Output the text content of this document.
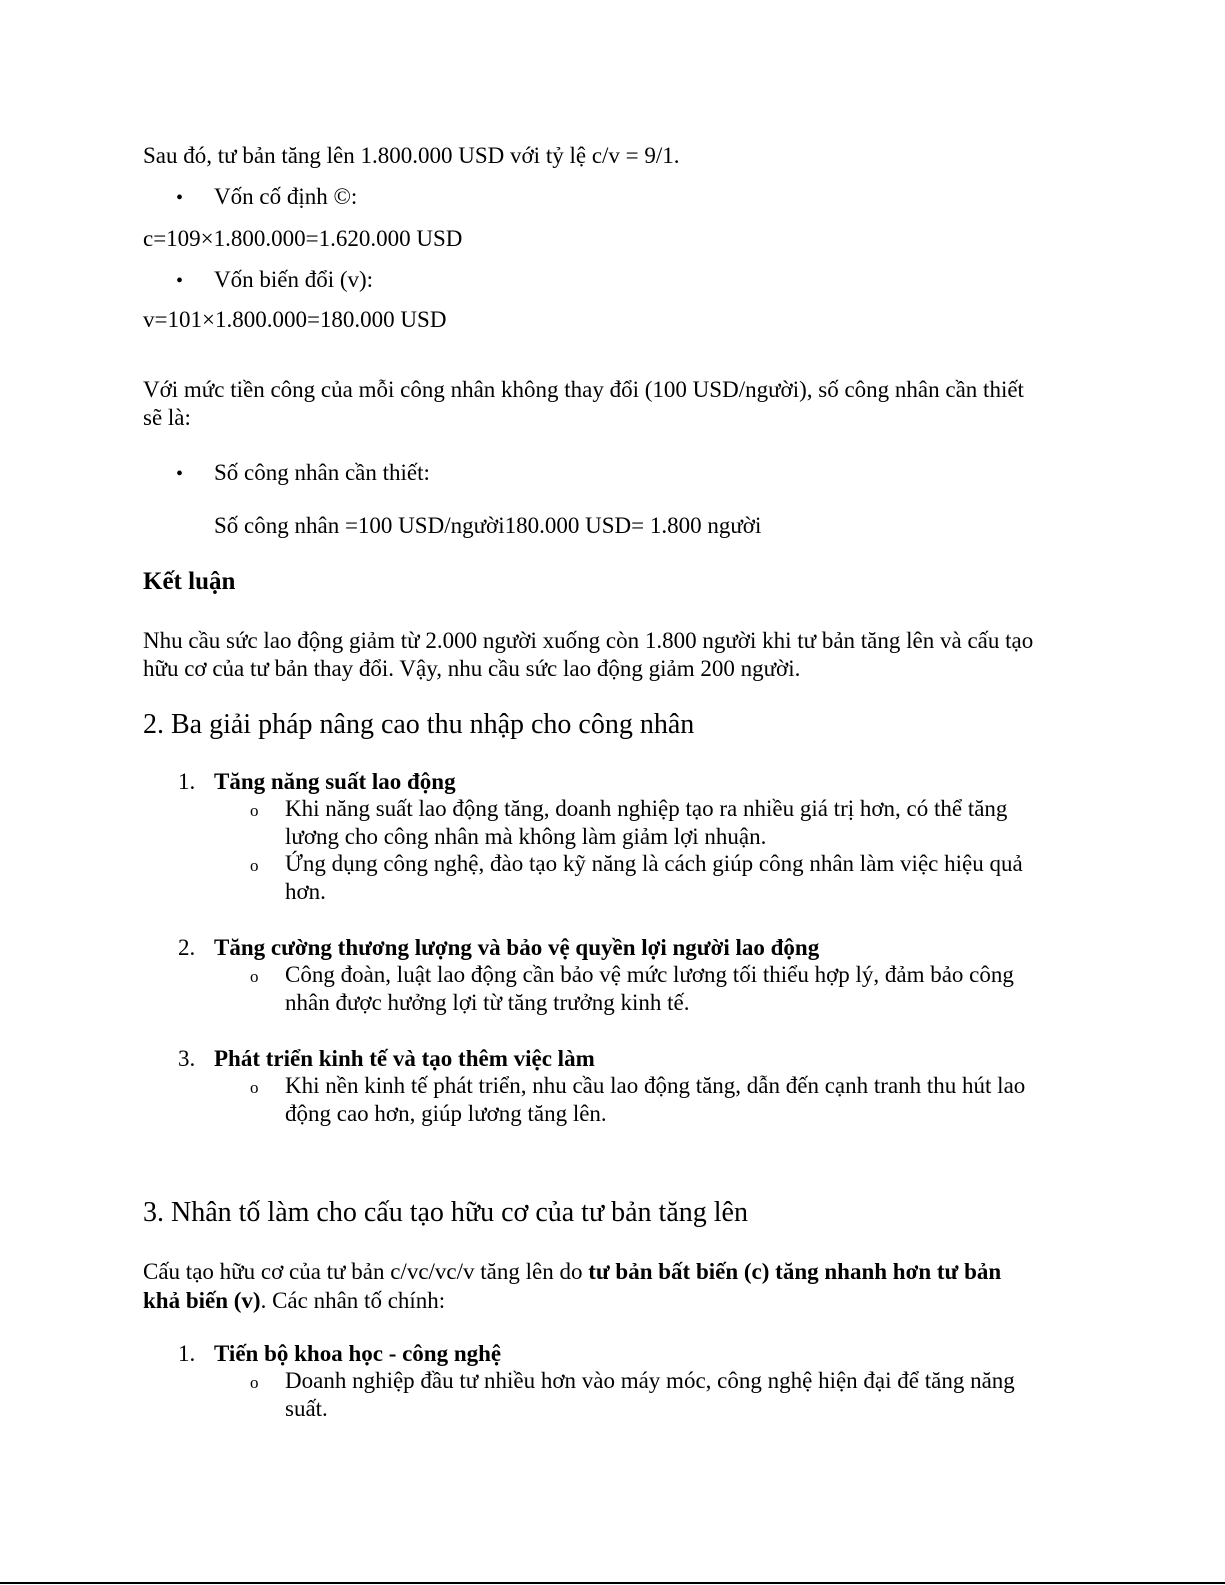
Sau đó, tư bản tăng lên 1.800.000 USD với tỷ lệ c/v = 9/1.
• Vốn cố định ©:
c=109×1.800.000=1.620.000 USD
• Vốn biến đổi (v):
v=101×1.800.000=180.000 USD
Với mức tiền công của mỗi công nhân không thay đổi (100 USD/người), số công nhân cần thiết
sẽ là:
• Số công nhân cần thiết:
Số công nhân =100 USD/người180.000 USD= 1.800 người
Kết luận
Nhu cầu sức lao động giảm từ 2.000 người xuống còn 1.800 người khi tư bản tăng lên và cấu tạo
hữu cơ của tư bản thay đổi. Vậy, nhu cầu sức lao động giảm 200 người.
2. Ba giải pháp nâng cao thu nhập cho công nhân
1. Tăng năng suất lao động
o Khi năng suất lao động tăng, doanh nghiệp tạo ra nhiều giá trị hơn, có thể tăng
lương cho công nhân mà không làm giảm lợi nhuận.
o Ứng dụng công nghệ, đào tạo kỹ năng là cách giúp công nhân làm việc hiệu quả
hơn.
2. Tăng cường thương lượng và bảo vệ quyền lợi người lao động
o Công đoàn, luật lao động cần bảo vệ mức lương tối thiểu hợp lý, đảm bảo công
nhân được hưởng lợi từ tăng trưởng kinh tế.
3. Phát triển kinh tế và tạo thêm việc làm
o Khi nền kinh tế phát triển, nhu cầu lao động tăng, dẫn đến cạnh tranh thu hút lao
động cao hơn, giúp lương tăng lên.
3. Nhân tố làm cho cấu tạo hữu cơ của tư bản tăng lên
Cấu tạo hữu cơ của tư bản c/vc/vc/v tăng lên do tư bản bất biến (c) tăng nhanh hơn tư bản
khả biến (v). Các nhân tố chính:
1. Tiến bộ khoa học - công nghệ
o Doanh nghiệp đầu tư nhiều hơn vào máy móc, công nghệ hiện đại để tăng năng
suất.
